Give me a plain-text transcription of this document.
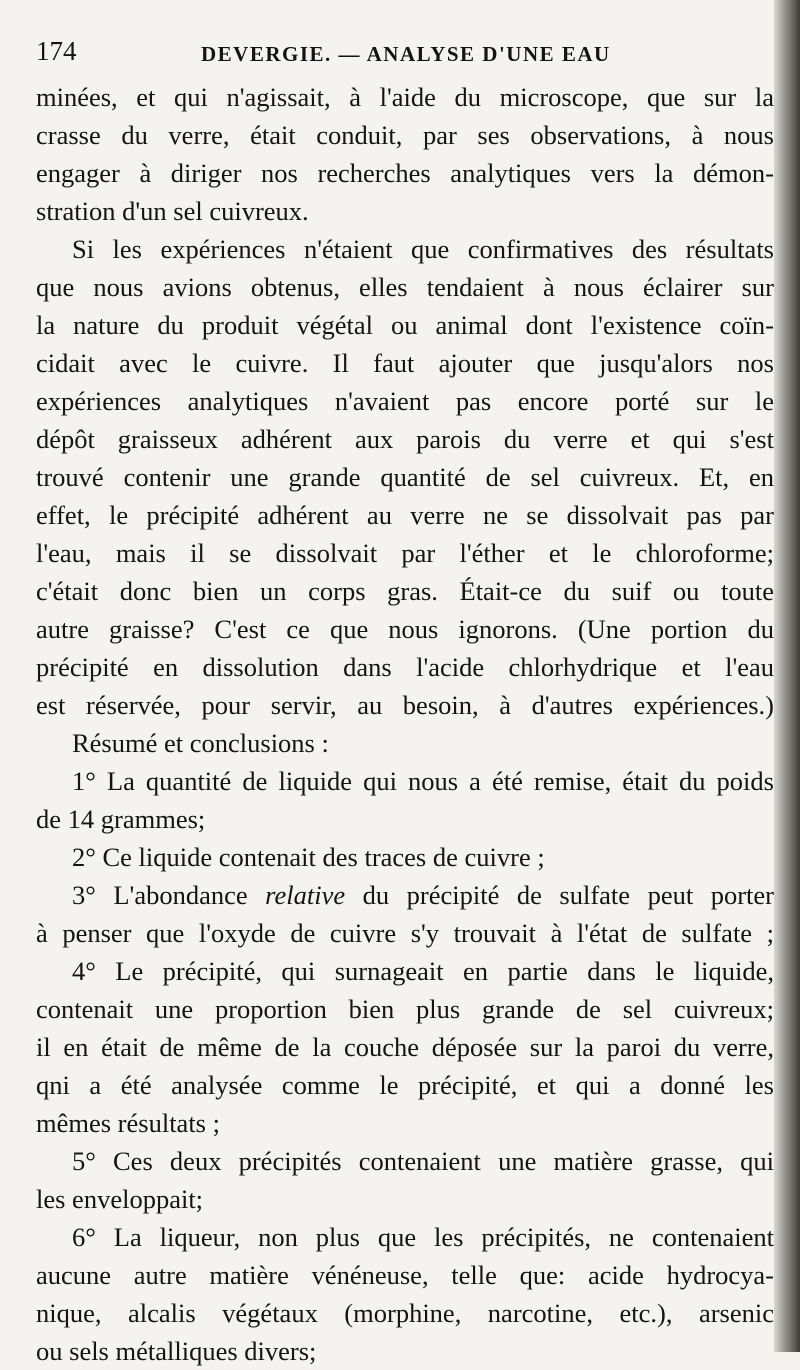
174	DEVERGIE. — ANALYSE D'UNE EAU
minées, et qui n'agissait, à l'aide du microscope, que sur la
crasse du verre, était conduit, par ses observations, à nous
engager à diriger nos recherches analytiques vers la démon-
stration d'un sel cuivreux.
Si les expériences n'étaient que confirmatives des résultats
que nous avions obtenus, elles tendaient à nous éclairer sur
la nature du produit végétal ou animal dont l'existence coïn-
cidait avec le cuivre. Il faut ajouter que jusqu'alors nos
expériences analytiques n'avaient pas encore porté sur le
dépôt graisseux adhérent aux parois du verre et qui s'est
trouvé contenir une grande quantité de sel cuivreux. Et, en
effet, le précipité adhérent au verre ne se dissolvait pas par
l'eau, mais il se dissolvait par l'éther et le chloroforme;
c'était donc bien un corps gras. Était-ce du suif ou toute
autre graisse? C'est ce que nous ignorons. (Une portion du
précipité en dissolution dans l'acide chlorhydrique et l'eau
est réservée, pour servir, au besoin, à d'autres expériences.)
Résumé et conclusions :
1° La quantité de liquide qui nous a été remise, était du poids
de 14 grammes;
2° Ce liquide contenait des traces de cuivre ;
3° L'abondance relative du précipité de sulfate peut porter
à penser que l'oxyde de cuivre s'y trouvait à l'état de sulfate ;
4° Le précipité, qui surnageait en partie dans le liquide,
contenait une proportion bien plus grande de sel cuivreux;
il en était de même de la couche déposée sur la paroi du verre,
qni a été analysée comme le précipité, et qui a donné les
mêmes résultats ;
5° Ces deux précipités contenaient une matière grasse, qui
les enveloppait;
6° La liqueur, non plus que les précipités, ne contenaient
aucune autre matière vénéneuse, telle que: acide hydrocya-
nique, alcalis végétaux (morphine, narcotine, etc.), arsenic
ou sels métalliques divers;
